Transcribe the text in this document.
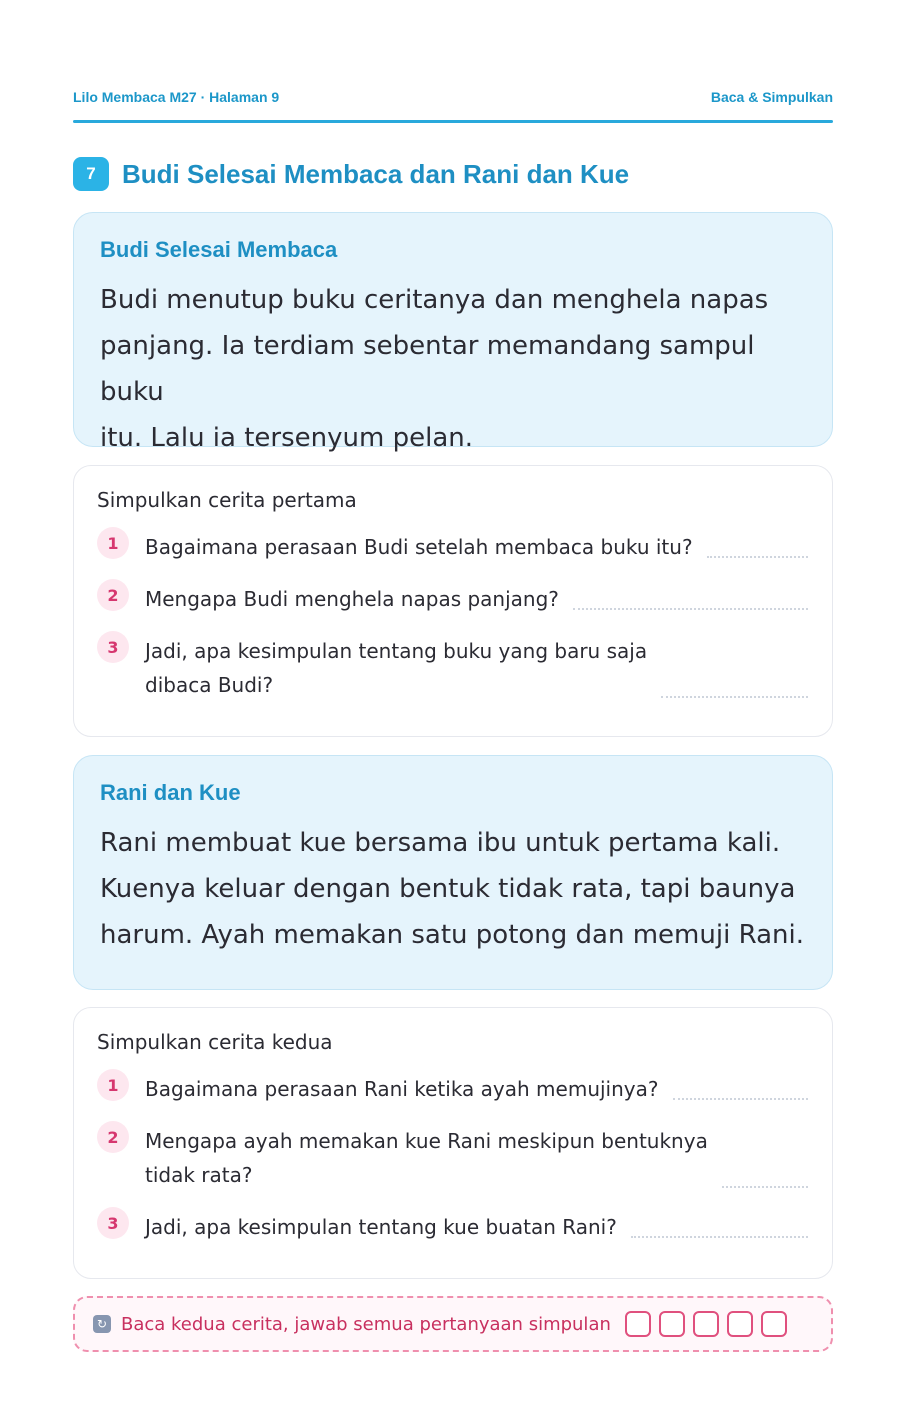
Lilo Membaca M27 · Halaman 9	Baca & Simpulkan
7	Budi Selesai Membaca dan Rani dan Kue
Budi Selesai Membaca
Budi menutup buku ceritanya dan menghela napas
panjang. Ia terdiam sebentar memandang sampul buku
itu. Lalu ia tersenyum pelan.
Simpulkan cerita pertama
1	Bagaimana perasaan Budi setelah membaca buku itu?
2	Mengapa Budi menghela napas panjang?
3	Jadi, apa kesimpulan tentang buku yang baru saja
dibaca Budi?
Rani dan Kue
Rani membuat kue bersama ibu untuk pertama kali.
Kuenya keluar dengan bentuk tidak rata, tapi baunya
harum. Ayah memakan satu potong dan memuji Rani.
Simpulkan cerita kedua
1	Bagaimana perasaan Rani ketika ayah memujinya?
2	Mengapa ayah memakan kue Rani meskipun bentuknya
tidak rata?
3	Jadi, apa kesimpulan tentang kue buatan Rani?
↻ Baca kedua cerita, jawab semua pertanyaan simpulan
